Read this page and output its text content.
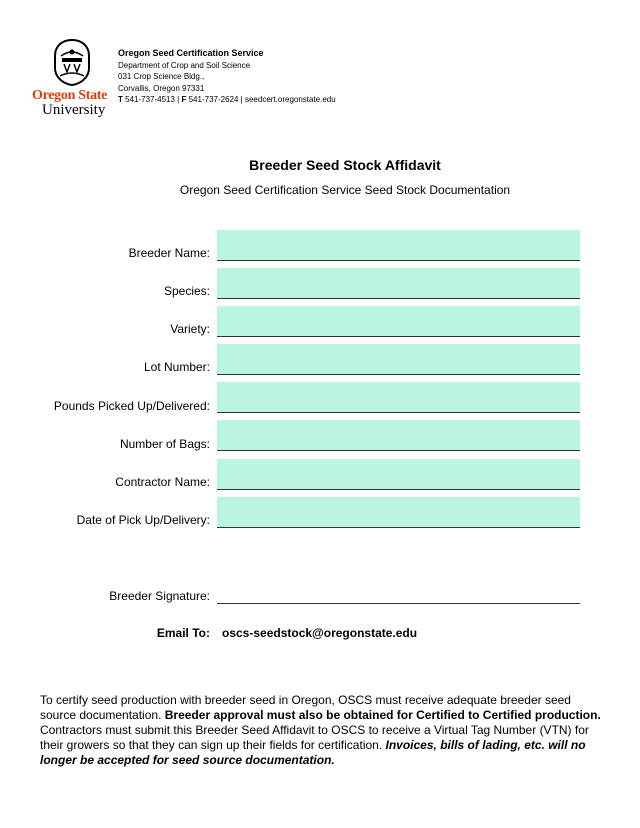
Oregon State
University
Oregon Seed Certification Service
Department of Crop and Soil Science
031 Crop Science Bldg.,
Corvallis, Oregon 97331
T 541-737-4513 | F 541-737-2624 | seedcert.oregonstate.edu
Breeder Seed Stock Affidavit
Oregon Seed Certification Service Seed Stock Documentation
Breeder Name:
Species:
Variety:
Lot Number:
Pounds Picked Up/Delivered:
Number of Bags:
Contractor Name:
Date of Pick Up/Delivery:
Breeder Signature:
Email To: oscs-seedstock@oregonstate.edu
To certify seed production with breeder seed in Oregon, OSCS must receive adequate breeder seed source documentation. Breeder approval must also be obtained for Certified to Certified production. Contractors must submit this Breeder Seed Affidavit to OSCS to receive a Virtual Tag Number (VTN) for their growers so that they can sign up their fields for certification. Invoices, bills of lading, etc. will no longer be accepted for seed source documentation.
